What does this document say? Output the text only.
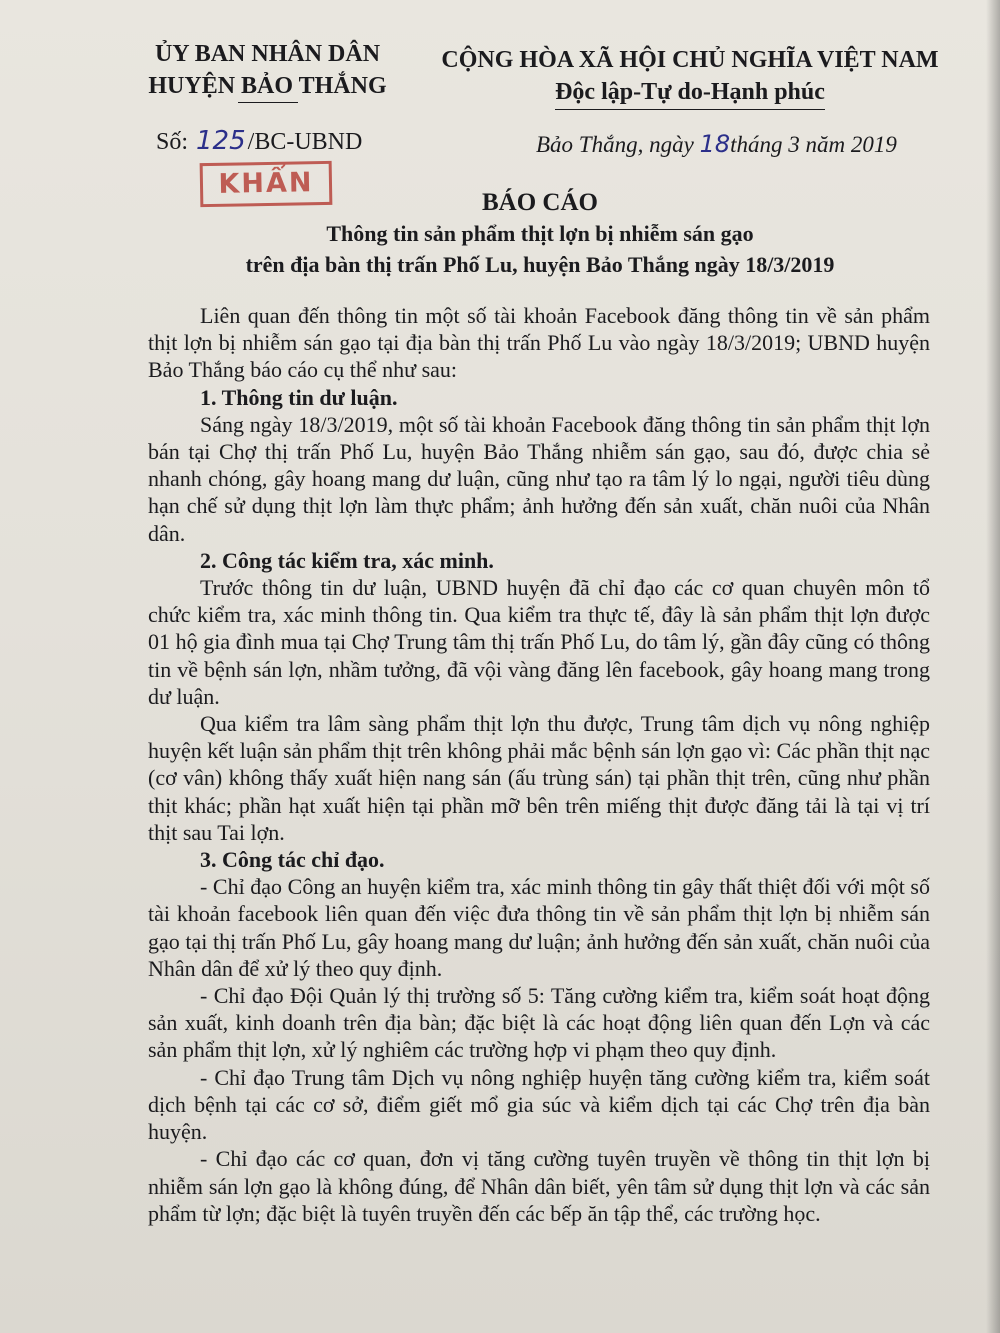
ỦY BAN NHÂN DÂN
HUYỆN BẢO THẮNG
CỘNG HÒA XÃ HỘI CHỦ NGHĨA VIỆT NAM
Độc lập-Tự do-Hạnh phúc
Số: 125/BC-UBND	Bảo Thắng, ngày 18tháng 3 năm 2019
KHẨN
BÁO CÁO
Thông tin sản phẩm thịt lợn bị nhiễm sán gạo
trên địa bàn thị trấn Phố Lu, huyện Bảo Thắng ngày 18/3/2019

Liên quan đến thông tin một số tài khoản Facebook đăng thông tin về sản phẩm thịt lợn bị nhiễm sán gạo tại địa bàn thị trấn Phố Lu vào ngày 18/3/2019; UBND huyện Bảo Thắng báo cáo cụ thể như sau:

1. Thông tin dư luận.

Sáng ngày 18/3/2019, một số tài khoản Facebook đăng thông tin sản phẩm thịt lợn bán tại Chợ thị trấn Phố Lu, huyện Bảo Thắng nhiễm sán gạo, sau đó, được chia sẻ nhanh chóng, gây hoang mang dư luận, cũng như tạo ra tâm lý lo ngại, người tiêu dùng hạn chế sử dụng thịt lợn làm thực phẩm; ảnh hưởng đến sản xuất, chăn nuôi của Nhân dân.

2. Công tác kiểm tra, xác minh.

Trước thông tin dư luận, UBND huyện đã chỉ đạo các cơ quan chuyên môn tổ chức kiểm tra, xác minh thông tin. Qua kiểm tra thực tế, đây là sản phẩm thịt lợn được 01 hộ gia đình mua tại Chợ Trung tâm thị trấn Phố Lu, do tâm lý, gần đây cũng có thông tin về bệnh sán lợn, nhầm tưởng, đã vội vàng đăng lên facebook, gây hoang mang trong dư luận.

Qua kiểm tra lâm sàng phẩm thịt lợn thu được, Trung tâm dịch vụ nông nghiệp huyện kết luận sản phẩm thịt trên không phải mắc bệnh sán lợn gạo vì: Các phần thịt nạc (cơ vân) không thấy xuất hiện nang sán (ấu trùng sán) tại phần thịt trên, cũng như phần thịt khác; phần hạt xuất hiện tại phần mỡ bên trên miếng thịt được đăng tải là tại vị trí thịt sau Tai lợn.

3. Công tác chỉ đạo.

- Chỉ đạo Công an huyện kiểm tra, xác minh thông tin gây thất thiệt đối với một số tài khoản facebook liên quan đến việc đưa thông tin về sản phẩm thịt lợn bị nhiễm sán gạo tại thị trấn Phố Lu, gây hoang mang dư luận; ảnh hưởng đến sản xuất, chăn nuôi của Nhân dân để xử lý theo quy định.

- Chỉ đạo Đội Quản lý thị trường số 5: Tăng cường kiểm tra, kiểm soát hoạt động sản xuất, kinh doanh trên địa bàn; đặc biệt là các hoạt động liên quan đến Lợn và các sản phẩm thịt lợn, xử lý nghiêm các trường hợp vi phạm theo quy định.

- Chỉ đạo Trung tâm Dịch vụ nông nghiệp huyện tăng cường kiểm tra, kiểm soát dịch bệnh tại các cơ sở, điểm giết mổ gia súc và kiểm dịch tại các Chợ trên địa bàn huyện.

- Chỉ đạo các cơ quan, đơn vị tăng cường tuyên truyền về thông tin thịt lợn bị nhiễm sán lợn gạo là không đúng, để Nhân dân biết, yên tâm sử dụng thịt lợn và các sản phẩm từ lợn; đặc biệt là tuyên truyền đến các bếp ăn tập thể, các trường học.
